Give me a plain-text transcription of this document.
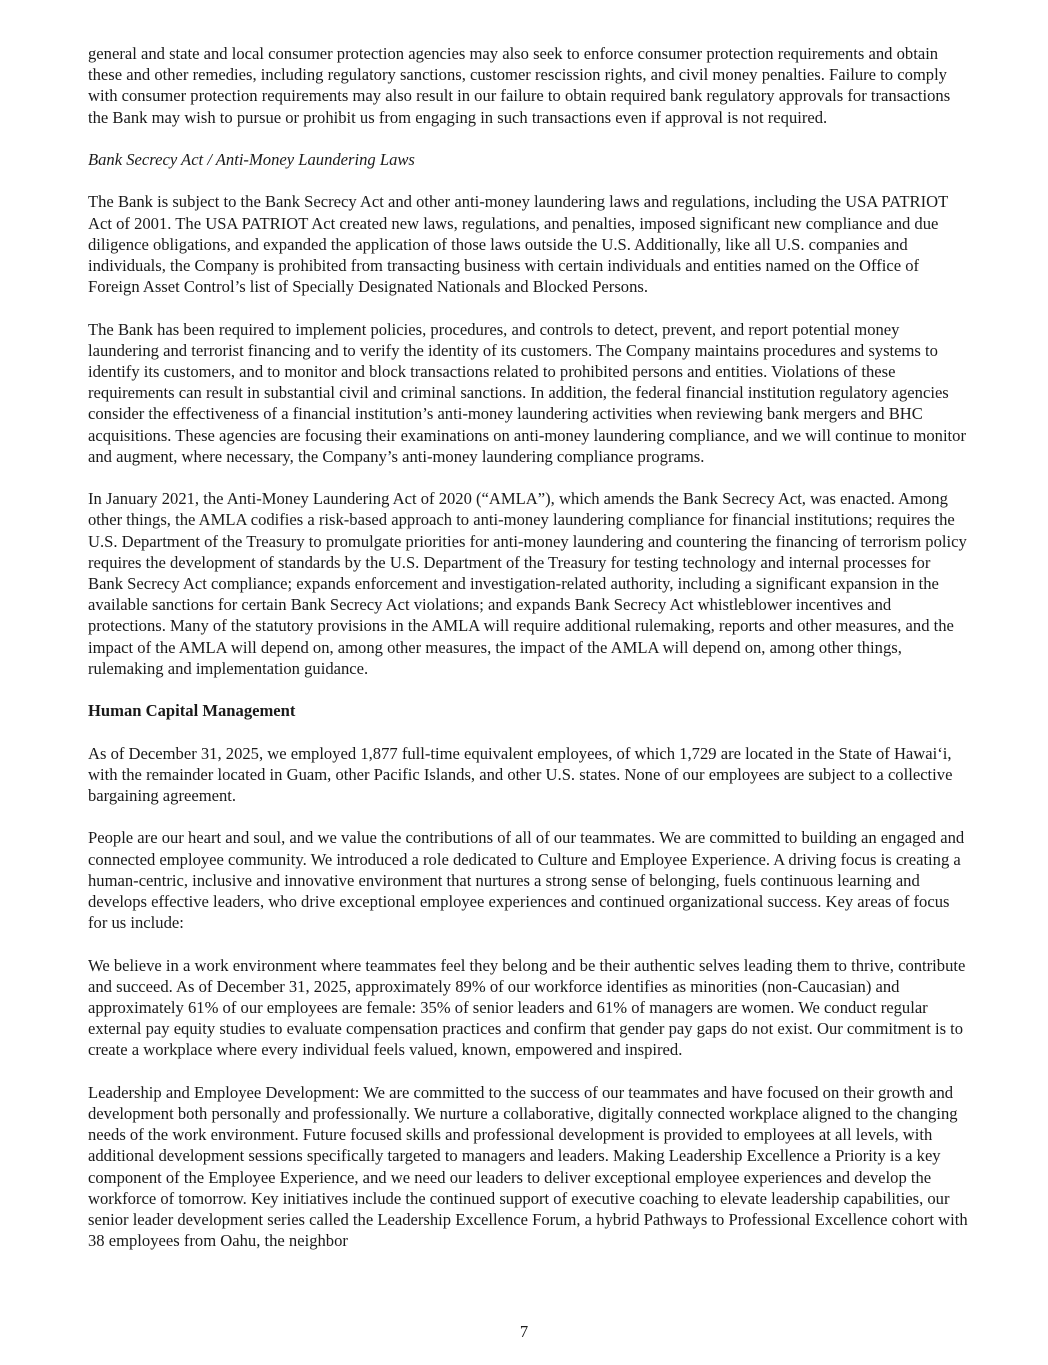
general and state and local consumer protection agencies may also seek to enforce consumer protection requirements and obtain these and other remedies, including regulatory sanctions, customer rescission rights, and civil money penalties. Failure to comply with consumer protection requirements may also result in our failure to obtain required bank regulatory approvals for transactions the Bank may wish to pursue or prohibit us from engaging in such transactions even if approval is not required.

Bank Secrecy Act / Anti-Money Laundering Laws

The Bank is subject to the Bank Secrecy Act and other anti-money laundering laws and regulations, including the USA PATRIOT Act of 2001. The USA PATRIOT Act created new laws, regulations, and penalties, imposed significant new compliance and due diligence obligations, and expanded the application of those laws outside the U.S. Additionally, like all U.S. companies and individuals, the Company is prohibited from transacting business with certain individuals and entities named on the Office of Foreign Asset Control’s list of Specially Designated Nationals and Blocked Persons.

The Bank has been required to implement policies, procedures, and controls to detect, prevent, and report potential money laundering and terrorist financing and to verify the identity of its customers. The Company maintains procedures and systems to identify its customers, and to monitor and block transactions related to prohibited persons and entities. Violations of these requirements can result in substantial civil and criminal sanctions. In addition, the federal financial institution regulatory agencies consider the effectiveness of a financial institution’s anti-money laundering activities when reviewing bank mergers and BHC acquisitions. These agencies are focusing their examinations on anti-money laundering compliance, and we will continue to monitor and augment, where necessary, the Company’s anti-money laundering compliance programs.

In January 2021, the Anti-Money Laundering Act of 2020 (“AMLA”), which amends the Bank Secrecy Act, was enacted. Among other things, the AMLA codifies a risk-based approach to anti-money laundering compliance for financial institutions; requires the U.S. Department of the Treasury to promulgate priorities for anti-money laundering and countering the financing of terrorism policy requires the development of standards by the U.S. Department of the Treasury for testing technology and internal processes for Bank Secrecy Act compliance; expands enforcement and investigation-related authority, including a significant expansion in the available sanctions for certain Bank Secrecy Act violations; and expands Bank Secrecy Act whistleblower incentives and protections. Many of the statutory provisions in the AMLA will require additional rulemaking, reports and other measures, and the impact of the AMLA will depend on, among other measures, the impact of the AMLA will depend on, among other things, rulemaking and implementation guidance.

Human Capital Management

As of December 31, 2025, we employed 1,877 full-time equivalent employees, of which 1,729 are located in the State of Hawai‘i, with the remainder located in Guam, other Pacific Islands, and other U.S. states. None of our employees are subject to a collective bargaining agreement.

People are our heart and soul, and we value the contributions of all of our teammates. We are committed to building an engaged and connected employee community. We introduced a role dedicated to Culture and Employee Experience. A driving focus is creating a human-centric, inclusive and innovative environment that nurtures a strong sense of belonging, fuels continuous learning and develops effective leaders, who drive exceptional employee experiences and continued organizational success. Key areas of focus for us include:

We believe in a work environment where teammates feel they belong and be their authentic selves leading them to thrive, contribute and succeed. As of December 31, 2025, approximately 89% of our workforce identifies as minorities (non-Caucasian) and approximately 61% of our employees are female: 35% of senior leaders and 61% of managers are women. We conduct regular external pay equity studies to evaluate compensation practices and confirm that gender pay gaps do not exist. Our commitment is to create a workplace where every individual feels valued, known, empowered and inspired.

Leadership and Employee Development: We are committed to the success of our teammates and have focused on their growth and development both personally and professionally. We nurture a collaborative, digitally connected workplace aligned to the changing needs of the work environment. Future focused skills and professional development is provided to employees at all levels, with additional development sessions specifically targeted to managers and leaders. Making Leadership Excellence a Priority is a key component of the Employee Experience, and we need our leaders to deliver exceptional employee experiences and develop the workforce of tomorrow. Key initiatives include the continued support of executive coaching to elevate leadership capabilities, our senior leader development series called the Leadership Excellence Forum, a hybrid Pathways to Professional Excellence cohort with 38 employees from Oahu, the neighbor

7
